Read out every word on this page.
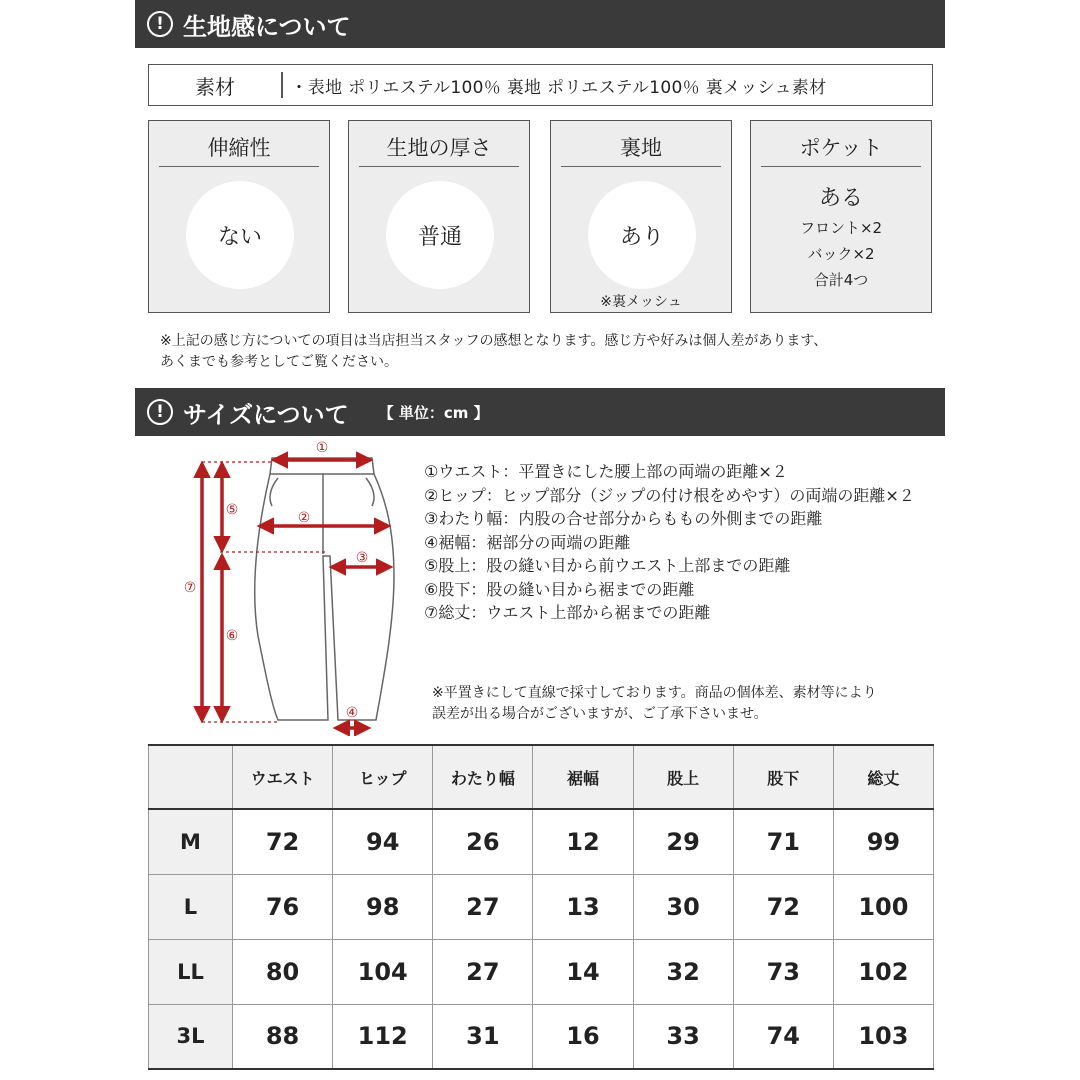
! 生地感について
素材	・表地 ポリエステル100％ 裏地 ポリエステル100％ 裏メッシュ素材
伸縮性
ない
生地の厚さ
普通
裏地
あり
※裏メッシュ
ポケット
ある
フロント×2
バック×2
合計4つ
※上記の感じ方についての項目は当店担当スタッフの感想となります。感じ方や好みは個人差があります、
あくまでも参考としてご覧ください。
! サイズについて 【 単位：cm 】
①
②
③
④
⑤
⑥
⑦
①ウエスト：平置きにした腰上部の両端の距離×２
②ヒップ：ヒップ部分（ジップの付け根をめやす）の両端の距離×２
③わたり幅：内股の合せ部分からももの外側までの距離
④裾幅：裾部分の両端の距離
⑤股上：股の縫い目から前ウエスト上部までの距離
⑥股下：股の縫い目から裾までの距離
⑦総丈：ウエスト上部から裾までの距離
※平置きにして直線で採寸しております。商品の個体差、素材等により
誤差が出る場合がございますが、ご了承下さいませ。
	ウエスト	ヒップ	わたり幅	裾幅	股上	股下	総丈
M	72	94	26	12	29	71	99
L	76	98	27	13	30	72	100
LL	80	104	27	14	32	73	102
3L	88	112	31	16	33	74	103
